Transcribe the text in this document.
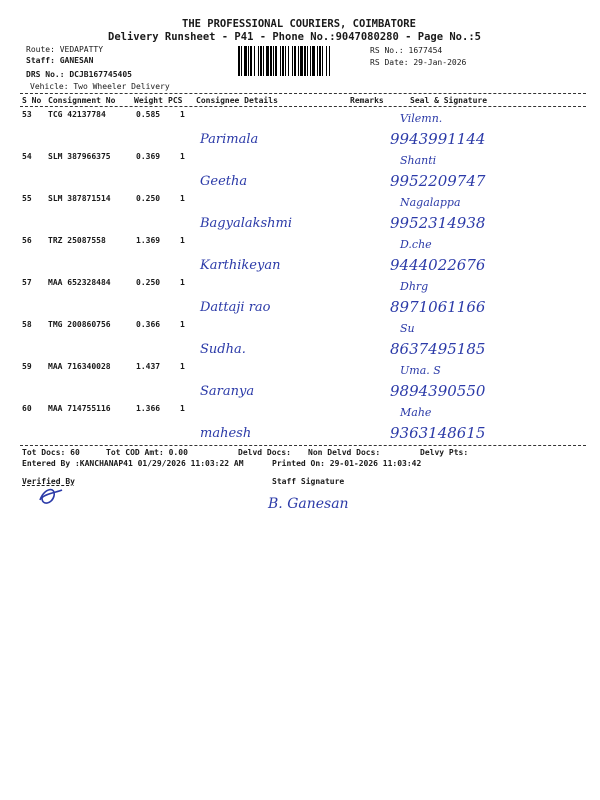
THE PROFESSIONAL COURIERS, COIMBATORE
Delivery Runsheet - P41 - Phone No.:9047080280 - Page No.:5
Route: VEDAPATTY
Staff: GANESAN
DRS No.: DCJB167745405
Vehicle: Two Wheeler Delivery
RS No.: 1677454
RS Date: 29-Jan-2026
S No Consignment No Weight PCS Consignee Details	Remarks	Seal & Signature
53 TCG 42137784	0.585 1
Parimala	9943991144
Vilemn.
54 SLM 387966375	0.369 1
Geetha	9952209747
Shanti
55 SLM 387871514	0.250 1
Bagyalakshmi	9952314938
Nagalappa
56 TRZ 25087558	1.369 1
Karthikeyan	9444022676
D.che
57 MAA 652328484	0.250 1
Dattaji rao	8971061166
Dhrg
58 TMG 200860756	0.366 1
Sudha.	8637495185
Su
59 MAA 716340028	1.437 1
Saranya	9894390550
Uma. S
60 MAA 714755116	1.366 1
mahesh	9363148615
Mahe
Tot Docs: 60	Tot COD Amt: 0.00	Delvd Docs: Non Delvd Docs:	Delvy Pts:
Entered By :KANCHANAP41 01/29/2026 11:03:22 AM	Printed On: 29-01-2026 11:03:42
Verified By	Staff Signature
B. Ganesan
